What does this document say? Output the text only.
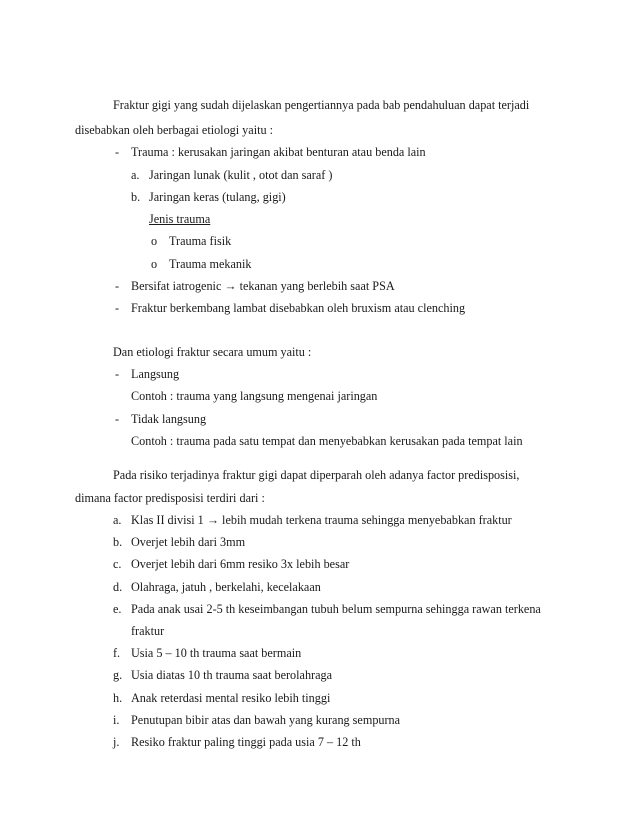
Fraktur gigi yang sudah dijelaskan pengertiannya pada bab pendahuluan dapat terjadi
disebabkan oleh berbagai etiologi yaitu :
- Trauma : kerusakan jaringan akibat benturan atau benda lain
a. Jaringan lunak (kulit , otot dan saraf )
b. Jaringan keras (tulang, gigi)
Jenis trauma
o Trauma fisik
o Trauma mekanik
- Bersifat iatrogenic → tekanan yang berlebih saat PSA
- Fraktur berkembang lambat disebabkan oleh bruxism atau clenching
Dan etiologi fraktur secara umum yaitu :
- Langsung
Contoh : trauma yang langsung mengenai jaringan
- Tidak langsung
Contoh : trauma pada satu tempat dan menyebabkan kerusakan pada tempat lain
Pada risiko terjadinya fraktur gigi dapat diperparah oleh adanya factor predisposisi,
dimana factor predisposisi terdiri dari :
a. Klas II divisi 1 → lebih mudah terkena trauma sehingga menyebabkan fraktur
b. Overjet lebih dari 3mm
c. Overjet lebih dari 6mm resiko 3x lebih besar
d. Olahraga, jatuh , berkelahi, kecelakaan
e. Pada anak usai 2-5 th keseimbangan tubuh belum sempurna sehingga rawan terkena
fraktur
f. Usia 5 – 10 th trauma saat bermain
g. Usia diatas 10 th trauma saat berolahraga
h. Anak reterdasi mental resiko lebih tinggi
i. Penutupan bibir atas dan bawah yang kurang sempurna
j. Resiko fraktur paling tinggi pada usia 7 – 12 th
